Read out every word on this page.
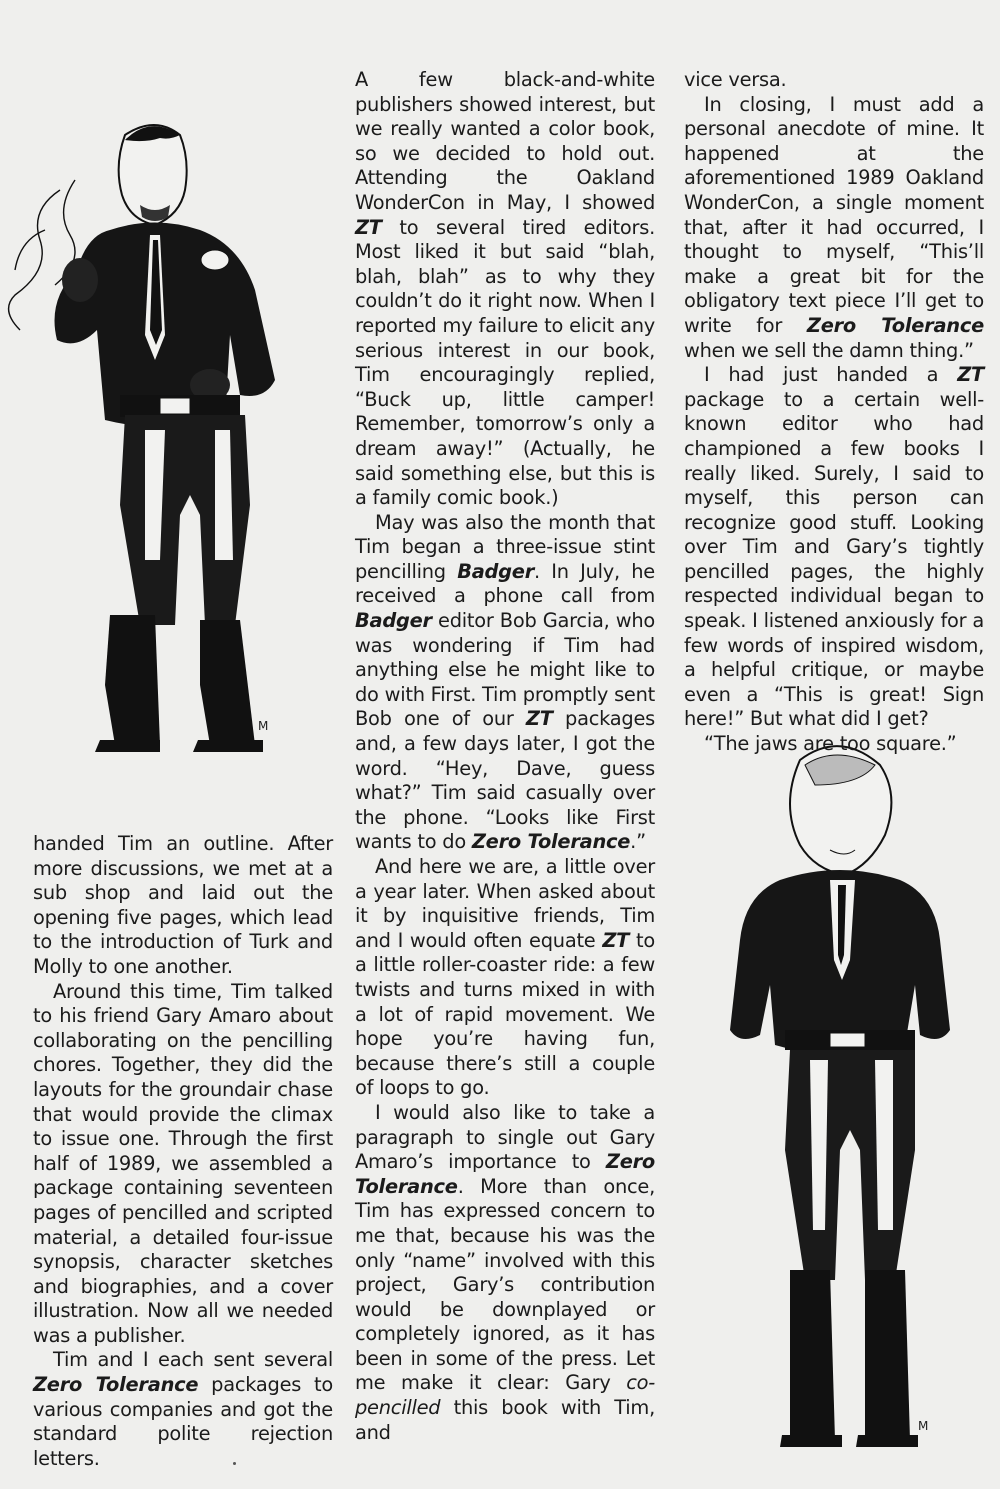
M
M

handed Tim an outline. After more discussions, we met at a sub shop and laid out the opening five pages, which lead to the introduction of Turk and Molly to one another.

Around this time, Tim talked to his friend Gary Amaro about collaborating on the pencilling chores. Together, they did the layouts for the groundair chase that would provide the climax to issue one. Through the first half of 1989, we assembled a package containing seventeen pages of pencilled and scripted material, a detailed four-issue synopsis, character sketches and biographies, and a cover illustration. Now all we needed was a publisher.

Tim and I each sent several Zero Tolerance packages to various companies and got the standard polite rejection letters.

A few black-and-white publishers showed interest, but we really wanted a color book, so we decided to hold out. Attending the Oakland WonderCon in May, I showed ZT to several tired editors. Most liked it but said “blah, blah, blah” as to why they couldn’t do it right now. When I reported my failure to elicit any serious interest in our book, Tim encouragingly replied, “Buck up, little camper! Remember, tomorrow’s only a dream away!” (Actually, he said something else, but this is a family comic book.)

May was also the month that Tim began a three-issue stint pencilling Badger. In July, he received a phone call from Badger editor Bob Garcia, who was wondering if Tim had anything else he might like to do with First. Tim promptly sent Bob one of our ZT packages and, a few days later, I got the word. “Hey, Dave, guess what?” Tim said casually over the phone. “Looks like First wants to do Zero Tolerance.”

And here we are, a little over a year later. When asked about it by inquisitive friends, Tim and I would often equate ZT to a little roller-coaster ride: a few twists and turns mixed in with a lot of rapid movement. We hope you’re having fun, because there’s still a couple of loops to go.

I would also like to take a paragraph to single out Gary Amaro’s importance to Zero Tolerance. More than once, Tim has expressed concern to me that, because his was the only “name” involved with this project, Gary’s contribution would be downplayed or completely ignored, as it has been in some of the press. Let me make it clear: Gary co-pencilled this book with Tim, and

vice versa.

In closing, I must add a personal anecdote of mine. It happened at the aforementioned 1989 Oakland WonderCon, a single moment that, after it had occurred, I thought to myself, “This’ll make a great bit for the obligatory text piece I’ll get to write for Zero Tolerance when we sell the damn thing.”

I had just handed a ZT package to a certain well-known editor who had championed a few books I really liked. Surely, I said to myself, this person can recognize good stuff. Looking over Tim and Gary’s tightly pencilled pages, the highly respected individual began to speak. I listened anxiously for a few words of inspired wisdom, a helpful critique, or maybe even a “This is great! Sign here!” But what did I get?

“The jaws are too square.”
